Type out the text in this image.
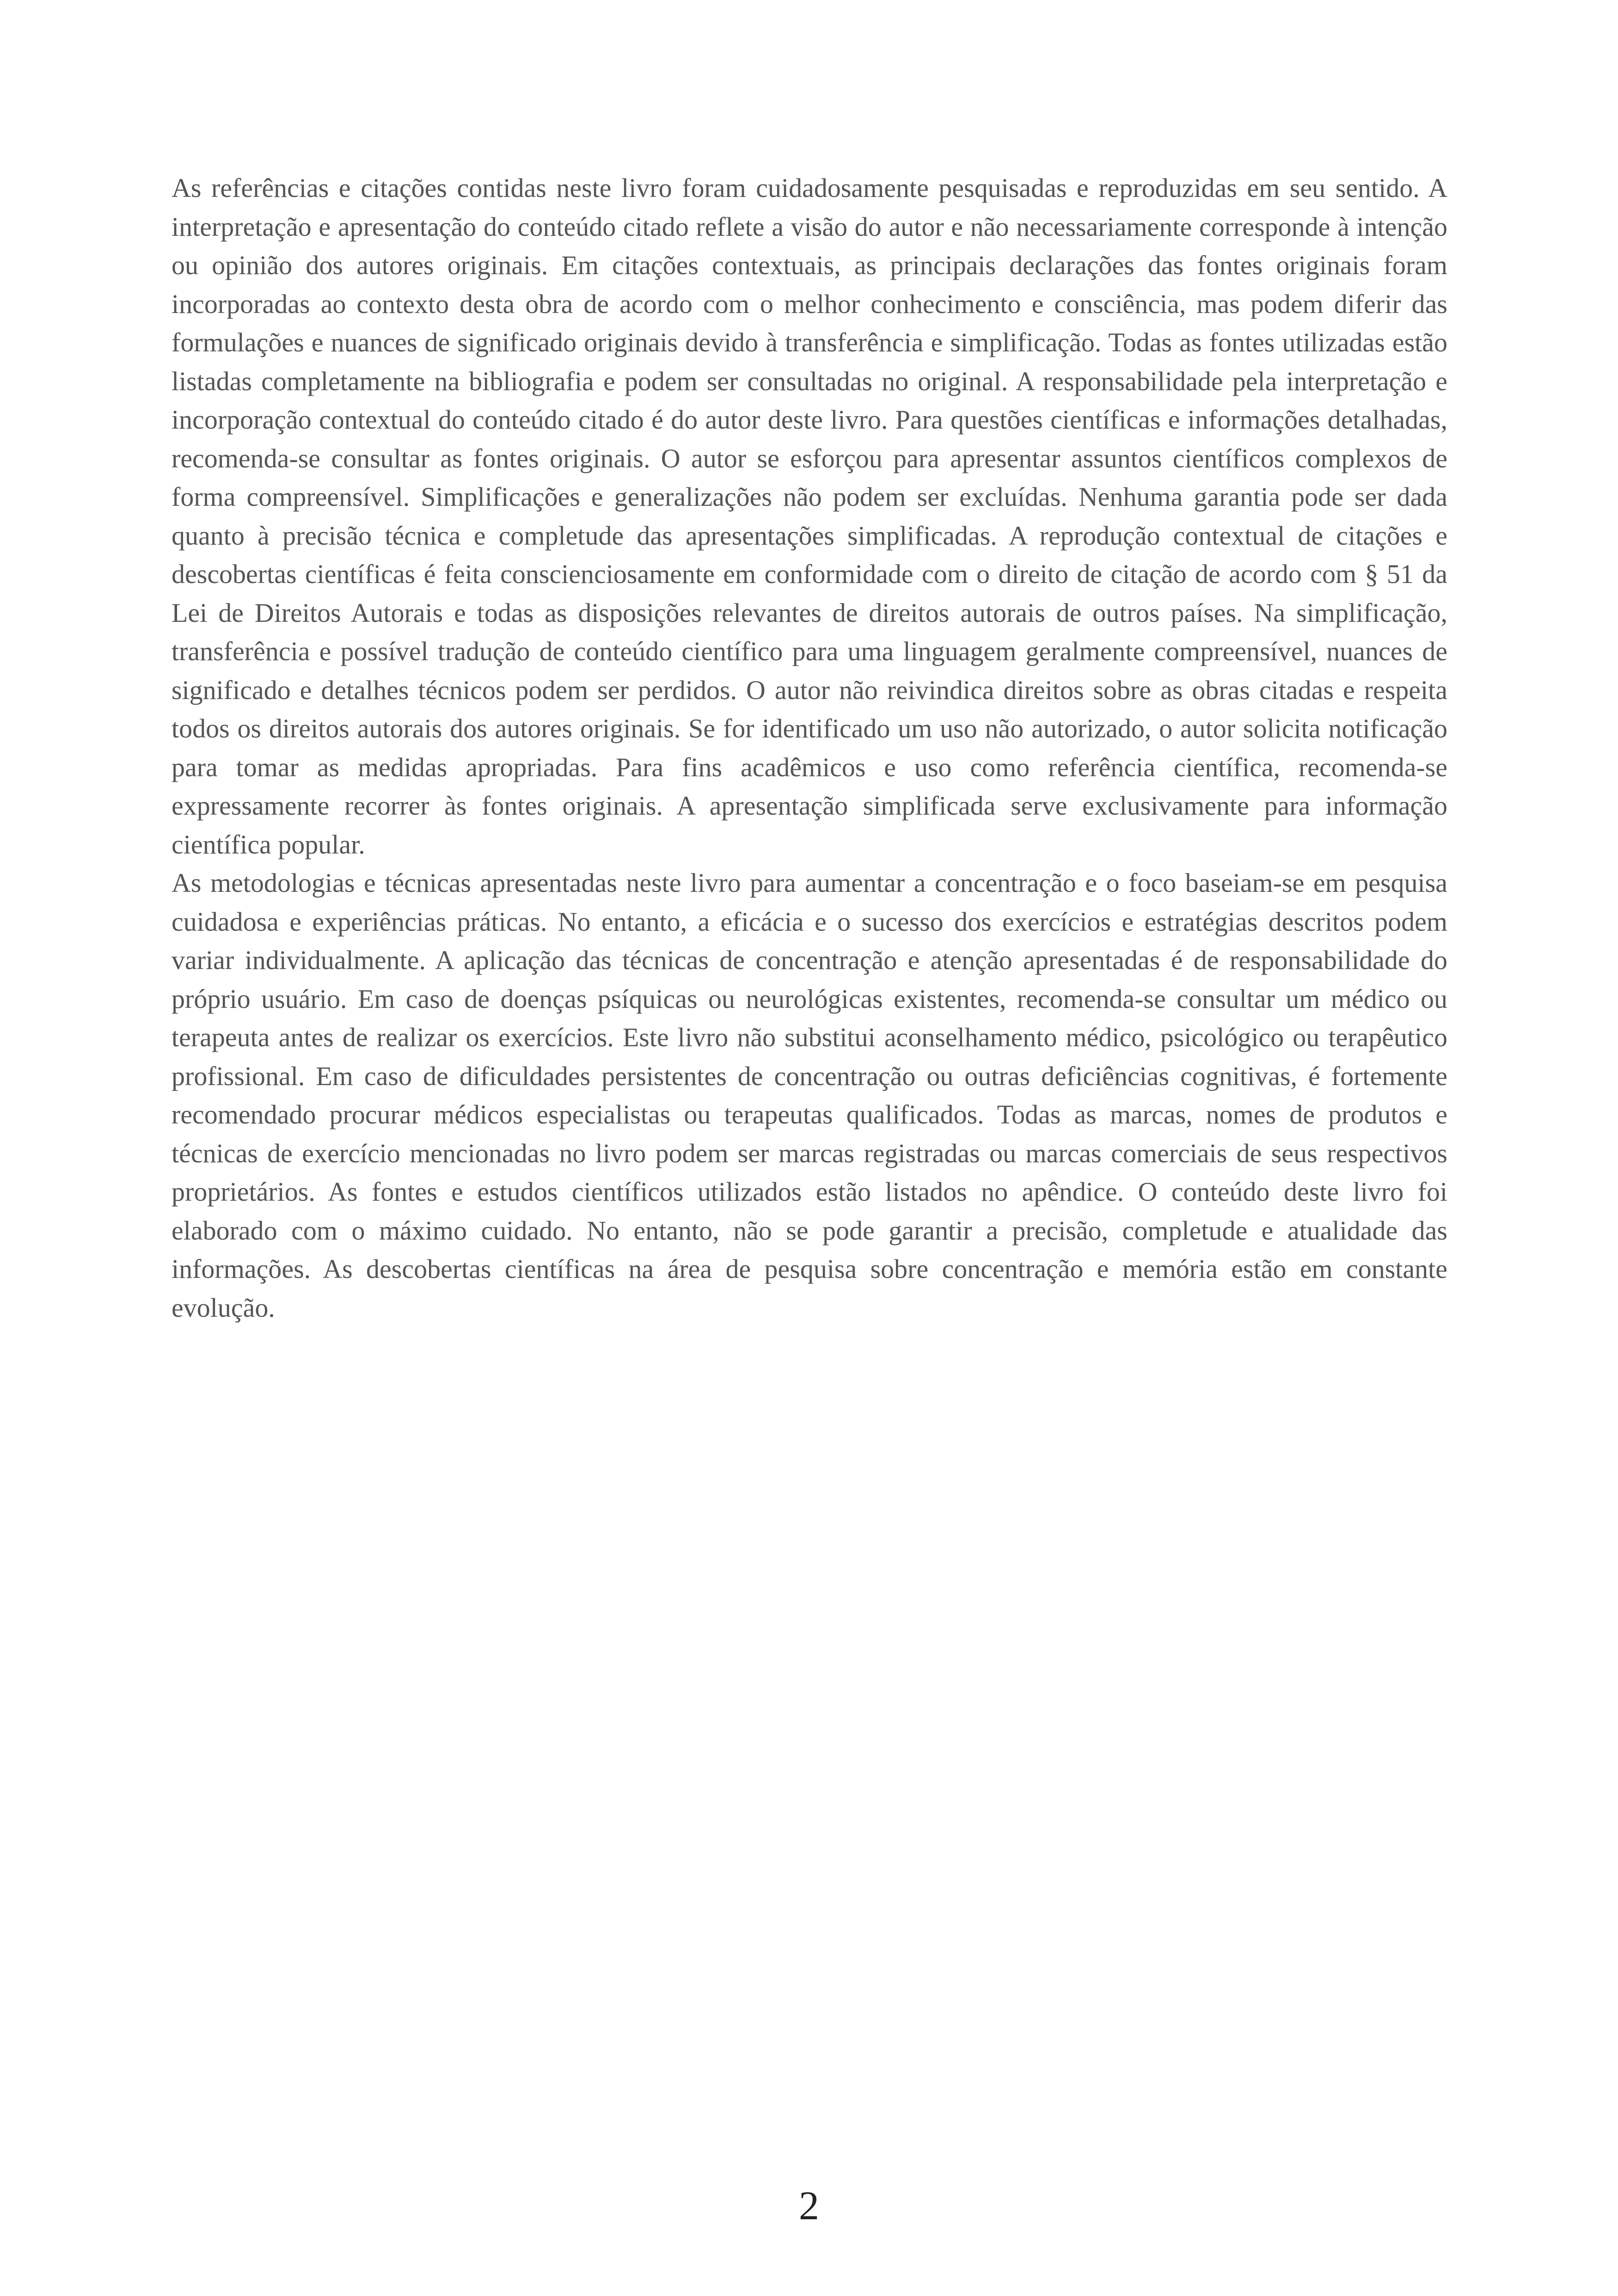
As referências e citações contidas neste livro foram cuidadosamente pesquisadas e reproduzidas em seu sentido. A interpretação e apresentação do conteúdo citado reflete a visão do autor e não necessariamente corresponde à intenção ou opinião dos autores originais. Em citações contextuais, as principais declarações das fontes originais foram incorporadas ao contexto desta obra de acordo com o melhor conhecimento e consciência, mas podem diferir das formulações e nuances de significado originais devido à transferência e simplificação. Todas as fontes utilizadas estão listadas completamente na bibliografia e podem ser consultadas no original. A responsabilidade pela interpretação e incorporação contextual do conteúdo citado é do autor deste livro. Para questões científicas e informações detalhadas, recomenda-se consultar as fontes originais. O autor se esforçou para apresentar assuntos científicos complexos de forma compreensível. Simplificações e generalizações não podem ser excluídas. Nenhuma garantia pode ser dada quanto à precisão técnica e completude das apresentações simplificadas. A reprodução contextual de citações e descobertas científicas é feita conscienciosamente em conformidade com o direito de citação de acordo com § 51 da Lei de Direitos Autorais e todas as disposições relevantes de direitos autorais de outros países. Na simplificação, transferência e possível tradução de conteúdo científico para uma linguagem geralmente compreensível, nuances de significado e detalhes técnicos podem ser perdidos. O autor não reivindica direitos sobre as obras citadas e respeita todos os direitos autorais dos autores originais. Se for identificado um uso não autorizado, o autor solicita notificação para tomar as medidas apropriadas. Para fins acadêmicos e uso como referência científica, recomenda-se expressamente recorrer às fontes originais. A apresentação simplificada serve exclusivamente para informação científica popular.

As metodologias e técnicas apresentadas neste livro para aumentar a concentração e o foco baseiam-se em pesquisa cuidadosa e experiências práticas. No entanto, a eficácia e o sucesso dos exercícios e estratégias descritos podem variar individualmente. A aplicação das técnicas de concentração e atenção apresentadas é de responsabilidade do próprio usuário. Em caso de doenças psíquicas ou neurológicas existentes, recomenda-se consultar um médico ou terapeuta antes de realizar os exercícios. Este livro não substitui aconselhamento médico, psicológico ou terapêutico profissional. Em caso de dificuldades persistentes de concentração ou outras deficiências cognitivas, é fortemente recomendado procurar médicos especialistas ou terapeutas qualificados. Todas as marcas, nomes de produtos e técnicas de exercício mencionadas no livro podem ser marcas registradas ou marcas comerciais de seus respectivos proprietários. As fontes e estudos científicos utilizados estão listados no apêndice. O conteúdo deste livro foi elaborado com o máximo cuidado. No entanto, não se pode garantir a precisão, completude e atualidade das informações. As descobertas científicas na área de pesquisa sobre concentração e memória estão em constante evolução.

2
